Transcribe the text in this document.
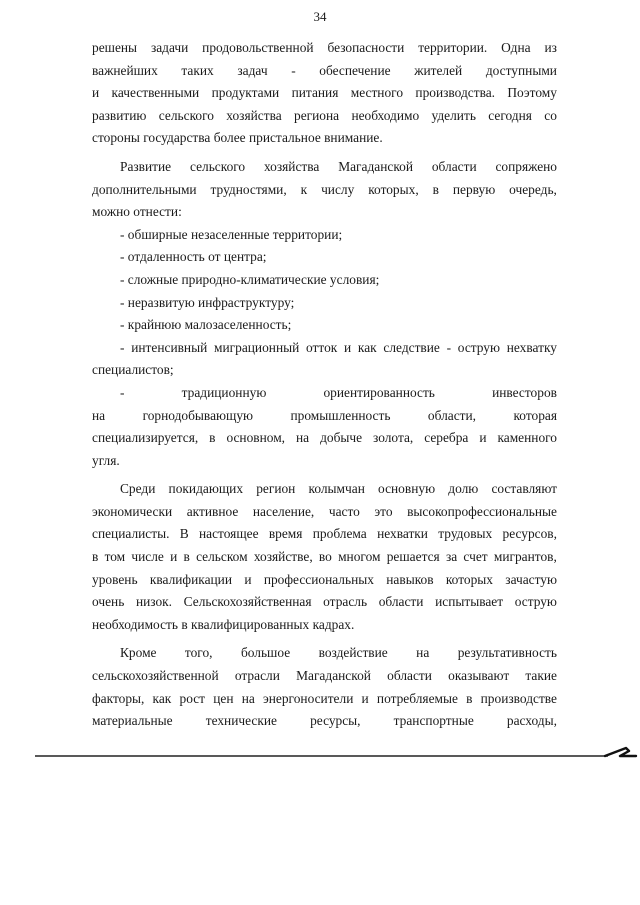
34
решены задачи продовольственной безопасности территории. Одна из
важнейших таких задач - обеспечение жителей доступными
и качественными продуктами питания местного производства. Поэтому
развитию сельского хозяйства региона необходимо уделить сегодня со
стороны государства более пристальное внимание.
Развитие сельского хозяйства Магаданской области сопряжено
дополнительными трудностями, к числу которых, в первую очередь,
можно отнести:
- обширные незаселенные территории;
- отдаленность от центра;
- сложные природно-климатические условия;
- неразвитую инфраструктуру;
- крайнюю малозаселенность;
- интенсивный миграционный отток и как следствие - острую нехватку
специалистов;
-	традиционную	ориентированность	инвесторов
на	горнодобывающую	промышленность	области,	которая
специализируется, в основном, на добыче золота, серебра и каменного
угля.
Среди покидающих регион колымчан основную долю составляют
экономически активное население, часто это высокопрофессиональные
специалисты. В настоящее время проблема нехватки трудовых ресурсов,
в том числе и в сельском хозяйстве, во многом решается за счет мигрантов,
уровень квалификации и профессиональных навыков которых зачастую
очень низок. Сельскохозяйственная отрасль области испытывает острую
необходимость в квалифицированных кадрах.
Кроме того, большое воздействие на результативность
сельскохозяйственной отрасли Магаданской области оказывают такие
факторы, как рост цен на энергоносители и потребляемые в производстве
материальные технические ресурсы, транспортные расходы,
